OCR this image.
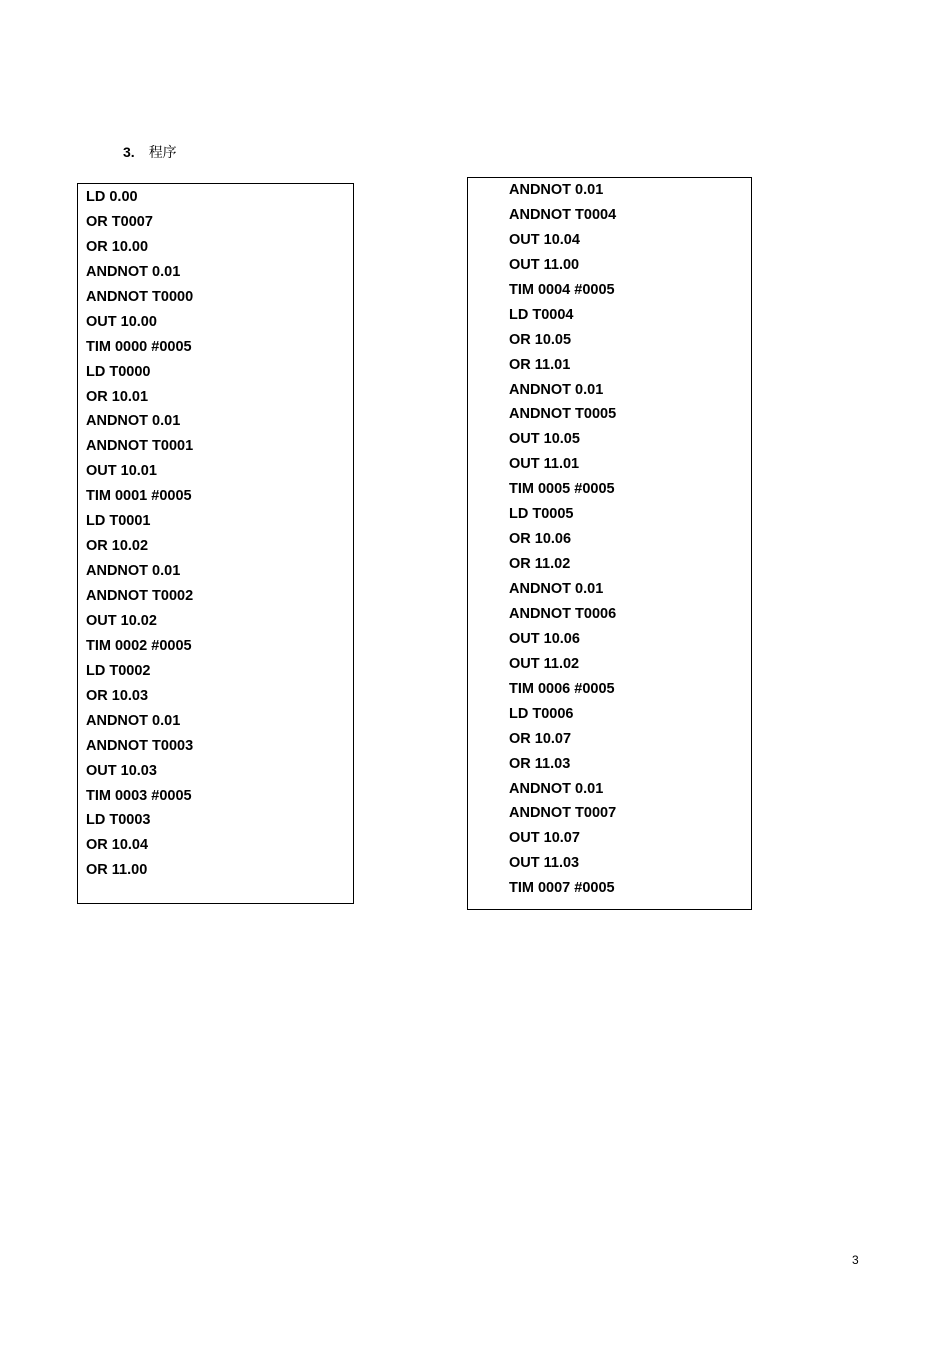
3. 程序
LD 0.00
OR T0007
OR 10.00
ANDNOT 0.01
ANDNOT T0000
OUT 10.00
TIM 0000 #0005
LD T0000
OR 10.01
ANDNOT 0.01
ANDNOT T0001
OUT 10.01
TIM 0001 #0005
LD T0001
OR 10.02
ANDNOT 0.01
ANDNOT T0002
OUT 10.02
TIM 0002 #0005
LD T0002
OR 10.03
ANDNOT 0.01
ANDNOT T0003
OUT 10.03
TIM 0003 #0005
LD T0003
OR 10.04
OR 11.00
ANDNOT 0.01
ANDNOT T0004
OUT 10.04
OUT 11.00
TIM 0004 #0005
LD T0004
OR 10.05
OR 11.01
ANDNOT 0.01
ANDNOT T0005
OUT 10.05
OUT 11.01
TIM 0005 #0005
LD T0005
OR 10.06
OR 11.02
ANDNOT 0.01
ANDNOT T0006
OUT 10.06
OUT 11.02
TIM 0006 #0005
LD T0006
OR 10.07
OR 11.03
ANDNOT 0.01
ANDNOT T0007
OUT 10.07
OUT 11.03
TIM 0007 #0005
3
